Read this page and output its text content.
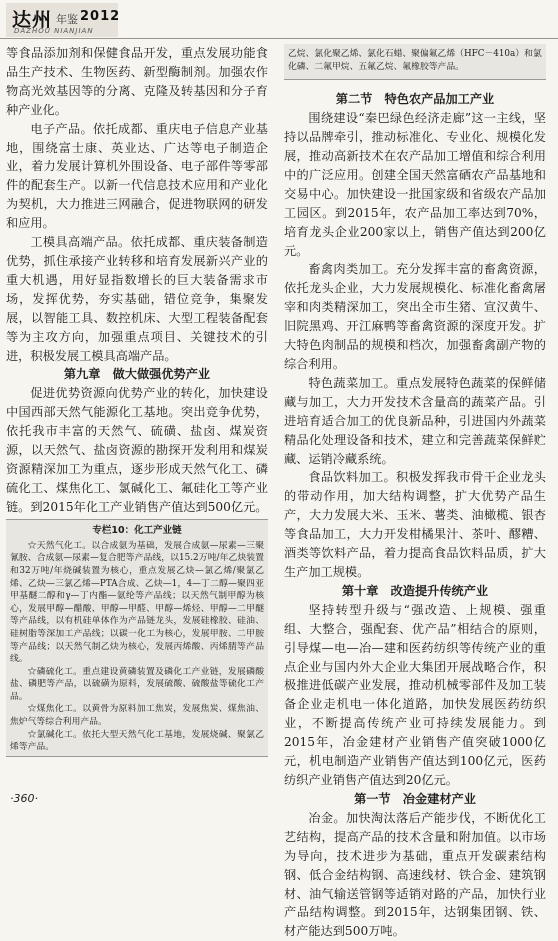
达州 年鉴 2012
DAZHOU NIANJIAN

等食品添加剂和保健食品开发，重点发展功能食品生产技术、生物医药、新型酶制剂。加强农作物高光效基因等的分离、克隆及转基因和分子育种产业化。

电子产品。依托成都、重庆电子信息产业基地，围绕富士康、英业达、广达等电子制造企业，着力发展计算机外围设备、电子部件等零部件的配套生产。以新一代信息技术应用和产业化为契机，大力推进三网融合，促进物联网的研发和应用。

工模具高端产品。依托成都、重庆装备制造优势，抓住承接产业转移和培育发展新兴产业的重大机遇，用好显指数增长的巨大装备需求市场，发挥优势，夯实基础，错位竞争，集聚发展，以智能工具、数控机床、大型工程装备配套等为主攻方向，加强重点项目、关键技术的引进，积极发展工模具高端产品。

第九章　做大做强优势产业

促进优势资源向优势产业的转化，加快建设中国西部天然气能源化工基地。突出竞争优势，依托我市丰富的天然气、硫磺、盐卤、煤炭资源，以天然气、盐卤资源的勘探开发利用和煤炭资源精深加工为重点，逐步形成天然气化工、磷硫化工、煤焦化工、氯碱化工、氟硅化工等产业链。到2015年化工产业销售产值达到500亿元。

专栏10：化工产业链

☆天然气化工。以合成氨为基础，发展合成氨—尿素—三聚氰胺、合成氨—尿素—复合肥等产品线，以15.2万吨/年乙炔装置和32万吨/年烧碱装置为核心，重点发展乙炔—氯乙烯/聚氯乙烯、乙炔—三氯乙烯—PTA合成、乙炔—1，4—丁二醇—聚四亚甲基醚二醇和γ—丁内酯—氨纶等产品线；以天然气制甲醇为核心，发展甲醇—醋酸、甲醇—甲醛、甲醇—烯烃、甲醇—二甲醚等产品线，以有机硅单体作为产品链龙头，发展硅橡胶、硅油、硅树脂等深加工产品线；以碳一化工为核心，发展甲胺、二甲胺等产品线；以天然气制乙炔为核心，发展丙烯酸、丙烯腈等产品线。

☆磷硫化工。重点建设黄磷装置及磷化工产业链，发展磷酸盐、磷肥等产品，以硫磺为原料，发展硫酸、硫酸盐等硫化工产品。

☆煤焦化工。以黄骨为原料加工焦炭，发展焦炭、煤焦油、焦炉气等综合利用产品。

☆氯碱化工。依托大型天然气化工基地，发展烧碱、聚氯乙烯等产品。

乙烷、氯化聚乙烯、氯化石蜡、聚偏氟乙烯（HFC－410a）和氯化磷、二氟甲烷、五氟乙烷、氟橡胶等产品。

第二节　特色农产品加工产业

围绕建设“秦巴绿色经济走廊”这一主线，坚持以品牌牵引，推动标准化、专业化、规模化发展，推动高新技术在农产品加工增值和综合利用中的广泛应用。创建全国天然富硒农产品基地和交易中心。加快建设一批国家级和省级农产品加工园区。到2015年，农产品加工率达到70%，培育龙头企业200家以上，销售产值达到200亿元。

畜禽肉类加工。充分发挥丰富的畜禽资源，依托龙头企业，大力发展规模化、标准化畜禽屠宰和肉类精深加工，突出全市生猪、宣汉黄牛、旧院黑鸡、开江麻鸭等畜禽资源的深度开发。扩大特色肉制品的规模和档次，加强畜禽副产物的综合利用。

特色蔬菜加工。重点发展特色蔬菜的保鲜储藏与加工，大力开发技术含量高的蔬菜产品。引进培育适合加工的优良新品种，引进国内外蔬菜精品化处理设备和技术，建立和完善蔬菜保鲜贮藏、运销冷藏系统。

食品饮料加工。积极发挥我市骨干企业龙头的带动作用，加大结构调整，扩大优势产品生产，大力发展大米、玉米、薯类、油橄榄、银杏等食品加工，大力开发柑橘果汁、茶叶、醪糟、酒类等饮料产品，着力提高食品饮料品质，扩大生产加工规模。

第十章　改造提升传统产业

坚持转型升级与“强改造、上规模、强重组、大整合，强配套、优产品”相结合的原则，引导煤—电—冶—建和医药纺织等传统产业的重点企业与国内外大企业大集团开展战略合作，积极推进低碳产业发展，推动机械零部件及加工装备企业走机电一体化道路，加快发展医药纺织业，不断提高传统产业可持续发展能力。到2015年，冶金建材产业销售产值突破1000亿元，机电制造产业销售产值达到100亿元，医药纺织产业销售产值达到20亿元。

第一节　冶金建材产业

冶金。加快淘汰落后产能步伐，不断优化工艺结构，提高产品的技术含量和附加值。以市场为导向，技术进步为基础，重点开发碳素结构钢、低合金结构钢、高速线材、铁合金、建筑钢材、油气输送管钢等适销对路的产品，加快行业产品结构调整。到2015年，达钢集团钢、铁、材产能达到500万吨。

·360·
